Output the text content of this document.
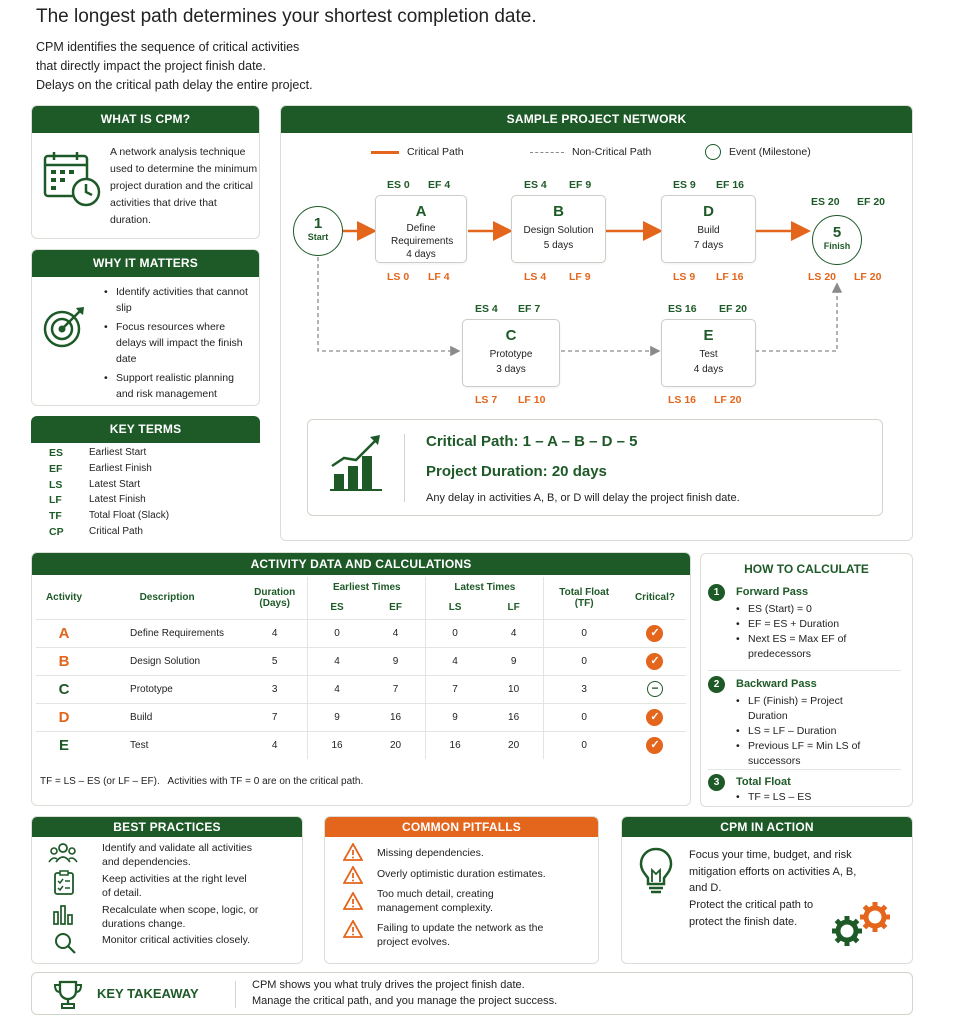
The longest path determines your shortest completion date.
CPM identifies the sequence of critical activities
that directly impact the project finish date.
Delays on the critical path delay the entire project.
WHAT IS CPM?
A network analysis technique used to determine the minimum project duration and the critical activities that drive that duration.
WHY IT MATTERS
• Identify activities that cannot slip
• Focus resources where delays will impact the finish date
• Support realistic planning and risk management
KEY TERMS
ES	Earliest Start
EF	Earliest Finish
LS	Latest Start
LF	Latest Finish
TF	Total Float (Slack)
CP	Critical Path
SAMPLE PROJECT NETWORK
Critical Path	Non-Critical Path	Event (Milestone)
1
Start
ES 0 EF 4
A
Define Requirements
4 days
LS 0 LF 4
ES 4 EF 9
B
Design Solution
5 days
LS 4 LF 9
ES 9 EF 16
D
Build
7 days
LS 9 LF 16
ES 20 EF 20
5
Finish
LS 20 LF 20
ES 4 EF 7
C
Prototype
3 days
LS 7 LF 10
ES 16 EF 20
E
Test
4 days
LS 16 LF 20
Critical Path: 1 – A – B – D – 5
Project Duration: 20 days
Any delay in activities A, B, or D will delay the project finish date.
ACTIVITY DATA AND CALCULATIONS
Activity	Description	Duration (Days)	Earliest Times		Latest Times		Total Float (TF)	Critical?
			ES	EF	LS	LF		
A	Define Requirements	4	0	4	0	4	0	✓
B	Design Solution	5	4	9	4	9	0	✓
C	Prototype	3	4	7	7	10	3	−
D	Build	7	9	16	9	16	0	✓
E	Test	4	16	20	16	20	0	✓
TF = LS – ES (or LF – EF).   Activities with TF = 0 are on the critical path.
HOW TO CALCULATE
1	Forward Pass
• ES (Start) = 0
• EF = ES + Duration
• Next ES = Max EF of predecessors
2	Backward Pass
• LF (Finish) = Project Duration
• LS = LF – Duration
• Previous LF = Min LS of successors
3	Total Float
• TF = LS – ES
BEST PRACTICES
Identify and validate all activities and dependencies.
Keep activities at the right level of detail.
Recalculate when scope, logic, or durations change.
Monitor critical activities closely.
COMMON PITFALLS
Missing dependencies.
Overly optimistic duration estimates.
Too much detail, creating management complexity.
Failing to update the network as the project evolves.
CPM IN ACTION
Focus your time, budget, and risk mitigation efforts on activities A, B, and D.
Protect the critical path to protect the finish date.
KEY TAKEAWAY
CPM shows you what truly drives the project finish date.
Manage the critical path, and you manage the project success.
